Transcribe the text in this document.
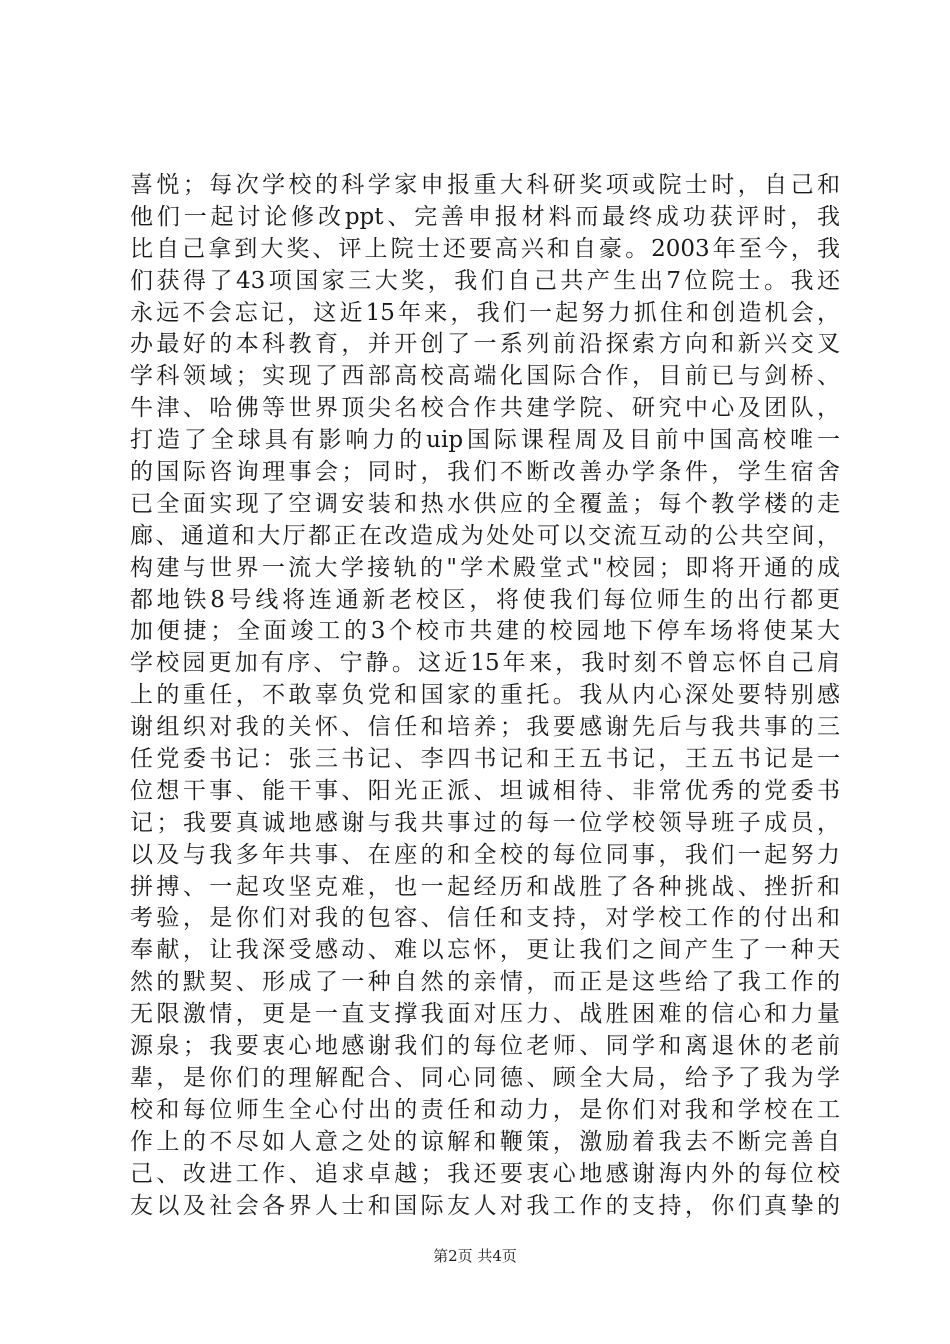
喜悦；每次学校的科学家申报重大科研奖项或院士时，自己和
他们一起讨论修改ppt、完善申报材料而最终成功获评时，我
比自己拿到大奖、评上院士还要高兴和自豪。2003年至今，我
们获得了43项国家三大奖，我们自己共产生出7位院士。我还
永远不会忘记，这近15年来，我们一起努力抓住和创造机会，
办最好的本科教育，并开创了一系列前沿探索方向和新兴交叉
学科领域；实现了西部高校高端化国际合作，目前已与剑桥、
牛津、哈佛等世界顶尖名校合作共建学院、研究中心及团队，
打造了全球具有影响力的uip国际课程周及目前中国高校唯一
的国际咨询理事会；同时，我们不断改善办学条件，学生宿舍
已全面实现了空调安装和热水供应的全覆盖；每个教学楼的走
廊、通道和大厅都正在改造成为处处可以交流互动的公共空间，
构建与世界一流大学接轨的"学术殿堂式"校园；即将开通的成
都地铁8号线将连通新老校区，将使我们每位师生的出行都更
加便捷；全面竣工的3个校市共建的校园地下停车场将使某大
学校园更加有序、宁静。这近15年来，我时刻不曾忘怀自己肩
上的重任，不敢辜负党和国家的重托。我从内心深处要特别感
谢组织对我的关怀、信任和培养；我要感谢先后与我共事的三
任党委书记：张三书记、李四书记和王五书记，王五书记是一
位想干事、能干事、阳光正派、坦诚相待、非常优秀的党委书
记；我要真诚地感谢与我共事过的每一位学校领导班子成员，
以及与我多年共事、在座的和全校的每位同事，我们一起努力
拼搏、一起攻坚克难，也一起经历和战胜了各种挑战、挫折和
考验，是你们对我的包容、信任和支持，对学校工作的付出和
奉献，让我深受感动、难以忘怀，更让我们之间产生了一种天
然的默契、形成了一种自然的亲情，而正是这些给了我工作的
无限激情，更是一直支撑我面对压力、战胜困难的信心和力量
源泉；我要衷心地感谢我们的每位老师、同学和离退休的老前
辈，是你们的理解配合、同心同德、顾全大局，给予了我为学
校和每位师生全心付出的责任和动力，是你们对我和学校在工
作上的不尽如人意之处的谅解和鞭策，激励着我去不断完善自
己、改进工作、追求卓越；我还要衷心地感谢海内外的每位校
友以及社会各界人士和国际友人对我工作的支持，你们真挚的
第2页 共4页
